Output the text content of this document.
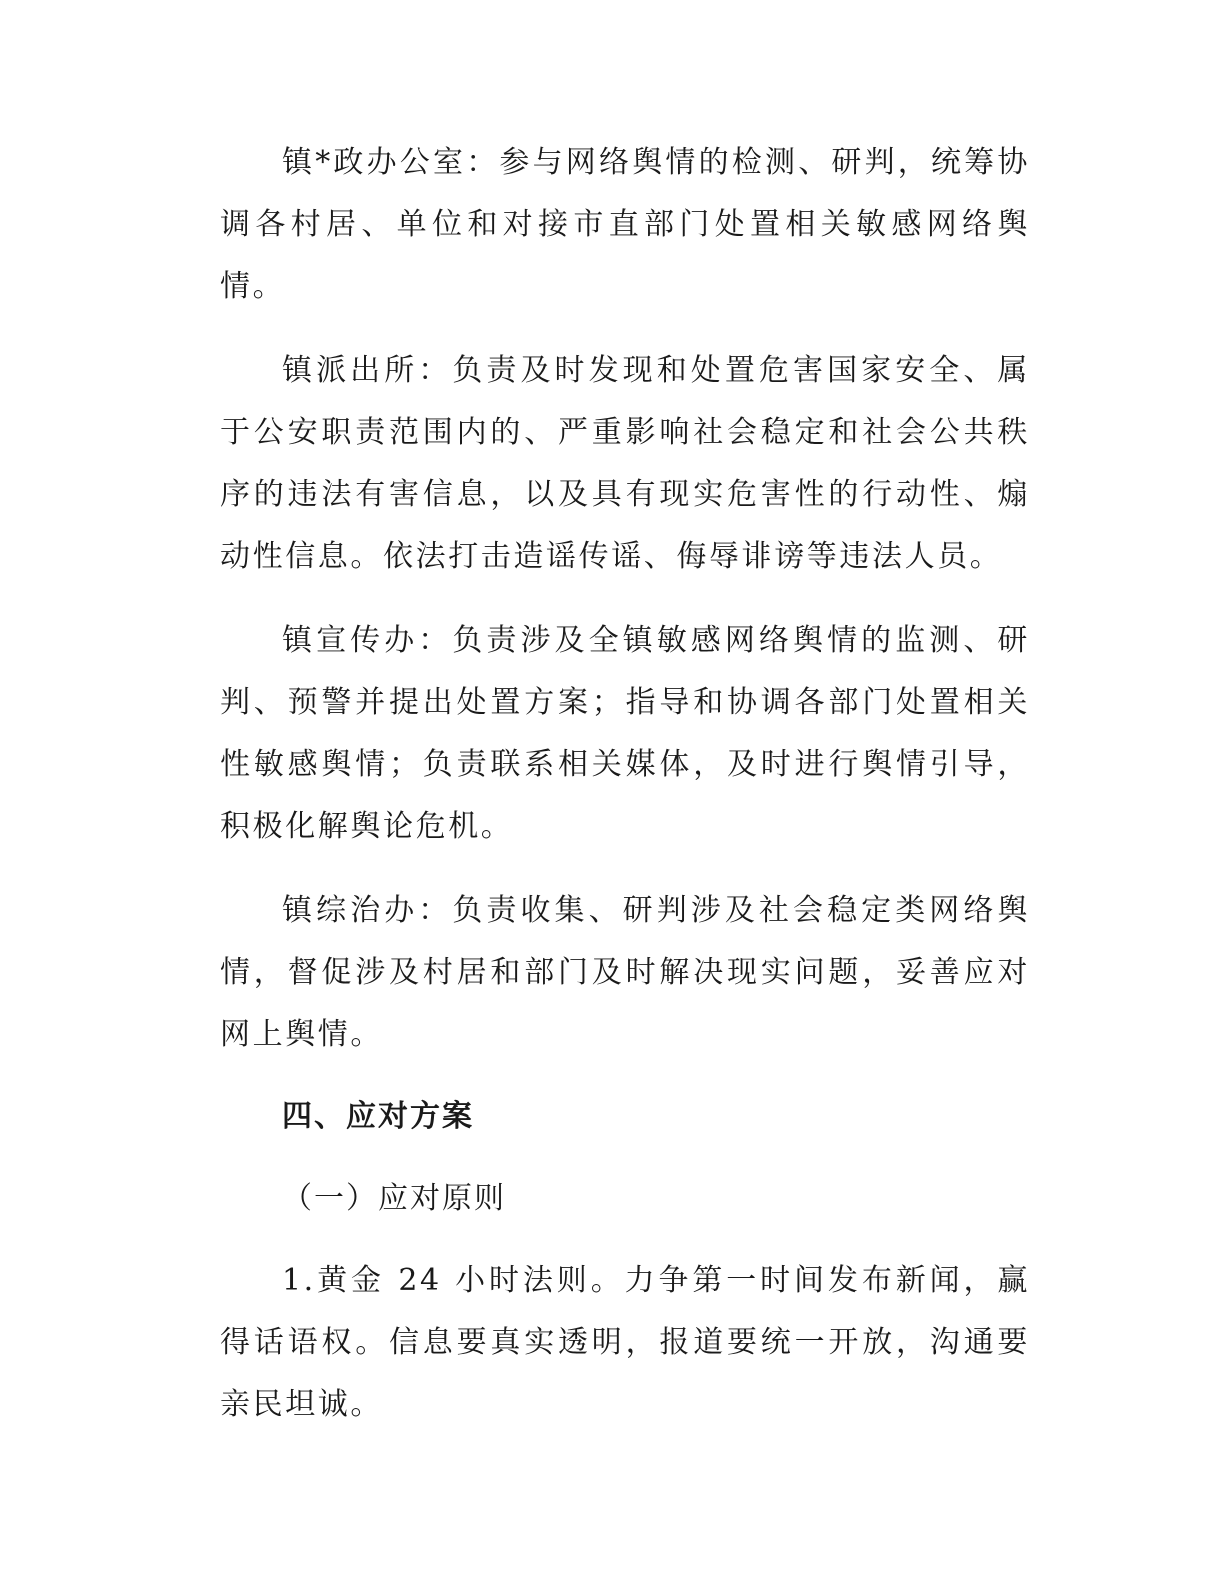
镇*政办公室：参与网络舆情的检测、研判，统筹协调各村居、单位和对接市直部门处置相关敏感网络舆情。

镇派出所：负责及时发现和处置危害国家安全、属于公安职责范围内的、严重影响社会稳定和社会公共秩序的违法有害信息，以及具有现实危害性的行动性、煽动性信息。依法打击造谣传谣、侮辱诽谤等违法人员。

镇宣传办：负责涉及全镇敏感网络舆情的监测、研判、预警并提出处置方案；指导和协调各部门处置相关性敏感舆情；负责联系相关媒体，及时进行舆情引导，积极化解舆论危机。

镇综治办：负责收集、研判涉及社会稳定类网络舆情，督促涉及村居和部门及时解决现实问题，妥善应对网上舆情。

四、应对方案

（一）应对原则

1.黄金 24 小时法则。力争第一时间发布新闻，赢得话语权。信息要真实透明，报道要统一开放，沟通要亲民坦诚。
